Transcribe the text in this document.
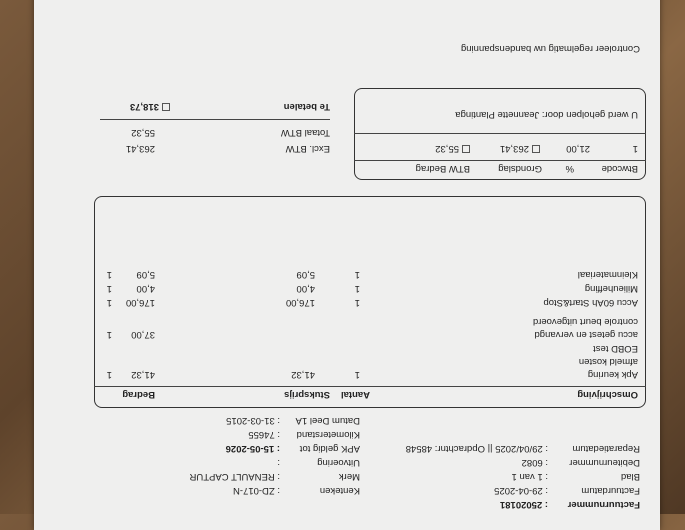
Factuurnummer
: 25020181
Factuurdatum
: 29-04-2025
Blad
: 1 van 1
Debiteurnummer
: 6082
Reparatiedatum
: 29/04/2025 || Opdrachtnr: 48548
Kenteken
: ZD-017-N
Merk
: RENAULT CAPTUR
Uitvoering
:
APK geldig tot
: 15-05-2026
Kilometerstand
: 74655
Datum Deel 1A
: 31-03-2015
Omschrijving
Aantal
Stuksprijs
Bedrag
Apk keuring
1
41,32
41,32
1
afmeld kosten
EOBD test
accu getest en vervangd
37,00
1
controle beurt uitgevoerd
Accu 60Ah Start&Stop
1
176,00
176,00
1
Milieuheffing
1
4,00
4,00
1
Kleinmateriaal
1
5,09
5,09
1
Btwcode
%
Grondslag
BTW Bedrag
1
21,00
263,41
55,32
U werd geholpen door: Jeannette Plantinga
Excl. BTW
263,41
Totaal BTW
55,32
Te betalen
318,73
Controleer regelmatig uw bandenspanning
